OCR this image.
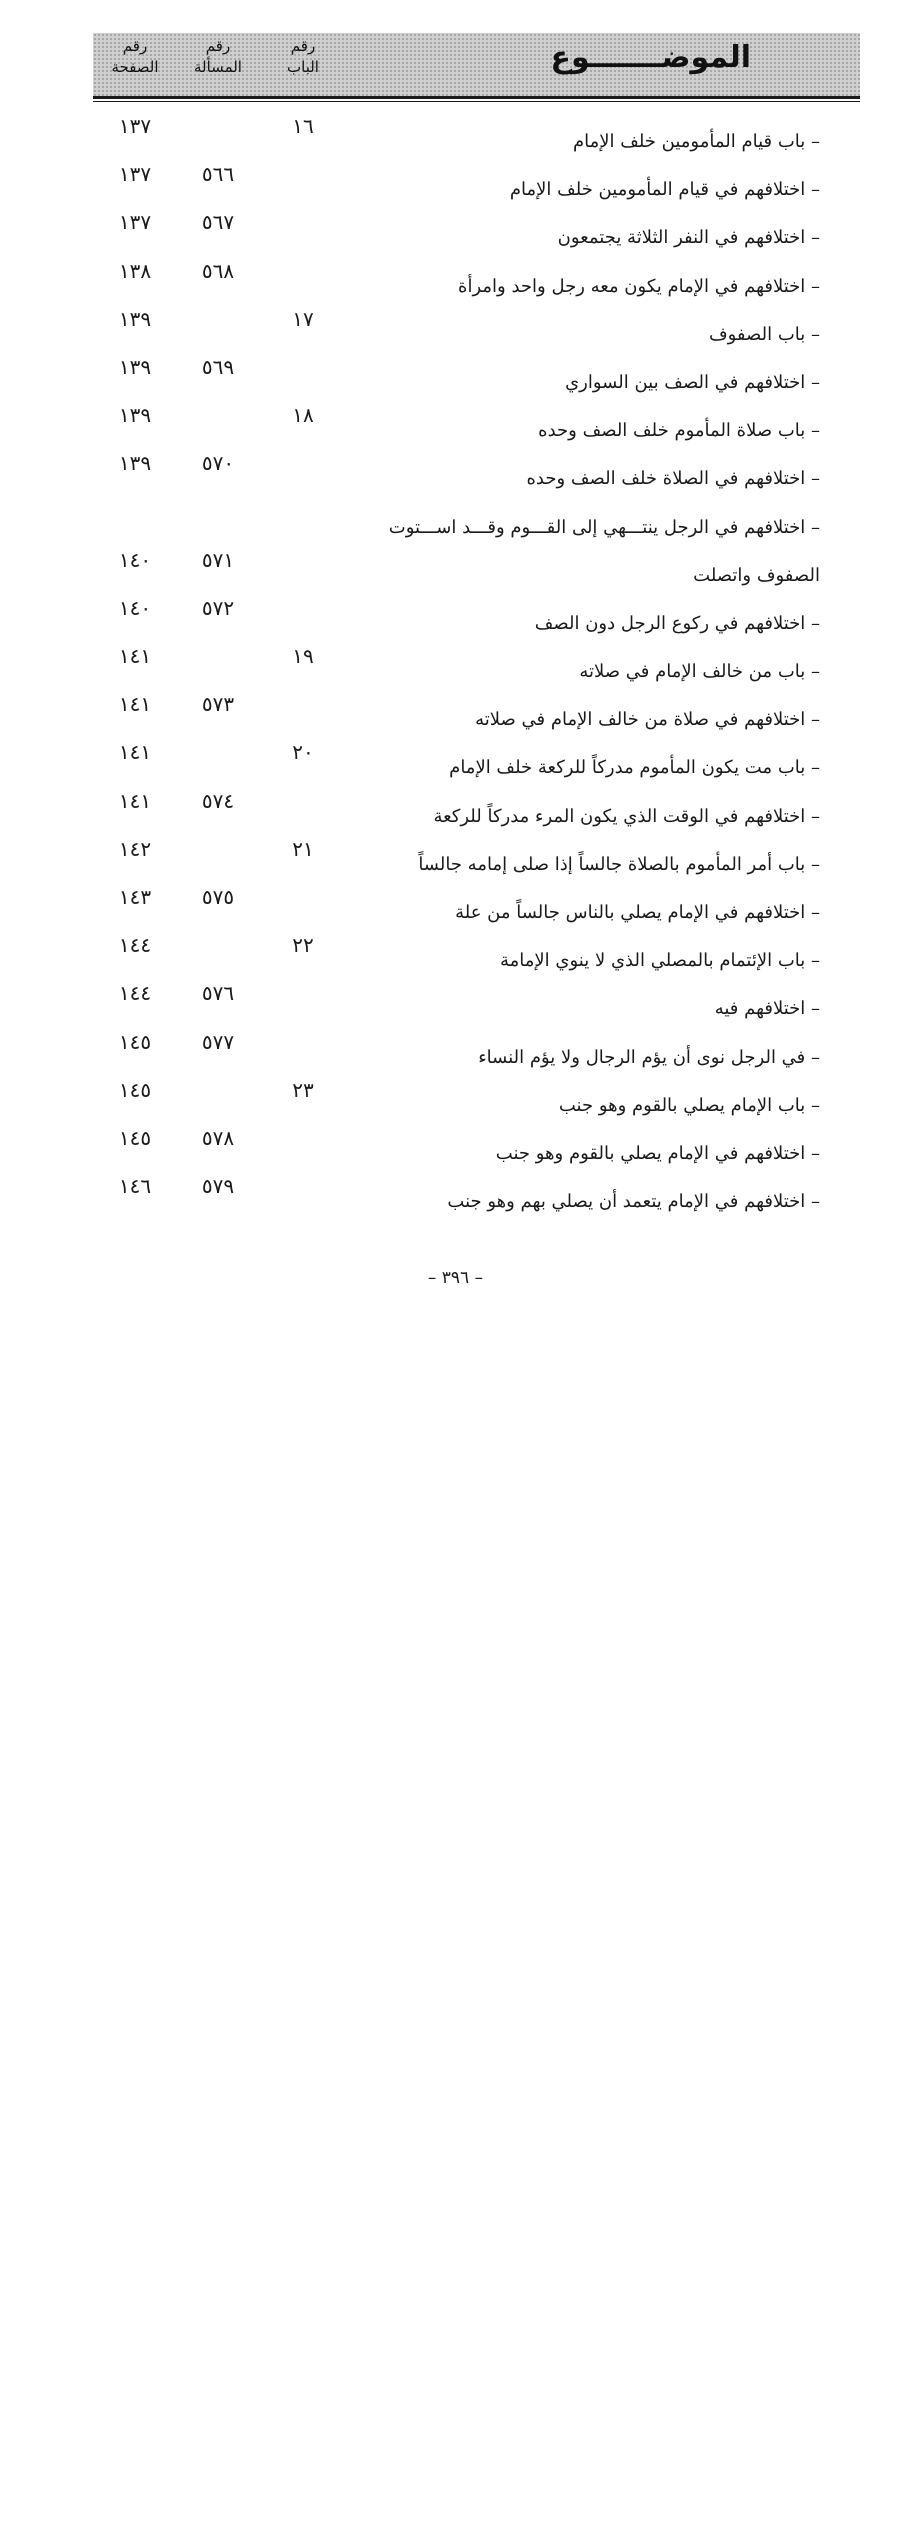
الموضـــــــوع
رقم
الباب
رقم
المسألة
رقم
الصفحة
– باب قيام المأمومين خلف الإمام
١٦
١٣٧
– اختلافهم في قيام المأمومين خلف الإمام
٥٦٦
١٣٧
– اختلافهم في النفر الثلاثة يجتمعون
٥٦٧
١٣٧
– اختلافهم في الإمام يكون معه رجل واحد وامرأة
٥٦٨
١٣٨
– باب الصفوف
١٧
١٣٩
– اختلافهم في الصف بين السواري
٥٦٩
١٣٩
– باب صلاة المأموم خلف الصف وحده
١٨
١٣٩
– اختلافهم في الصلاة خلف الصف وحده
٥٧٠
١٣٩
– اختلافهم في الرجل ينتـــهي إلى القـــوم وقـــد اســـتوت الصفوف واتصلت
٥٧١
١٤٠
– اختلافهم في ركوع الرجل دون الصف
٥٧٢
١٤٠
– باب من خالف الإمام في صلاته
١٩
١٤١
– اختلافهم في صلاة من خالف الإمام في صلاته
٥٧٣
١٤١
– باب مت يكون المأموم مدركاً للركعة خلف الإمام
٢٠
١٤١
– اختلافهم في الوقت الذي يكون المرء مدركاً للركعة
٥٧٤
١٤١
– باب أمر المأموم بالصلاة جالساً إذا صلى إمامه جالساً
٢١
١٤٢
– اختلافهم في الإمام يصلي بالناس جالساً من علة
٥٧٥
١٤٣
– باب الإئتمام بالمصلي الذي لا ينوي الإمامة
٢٢
١٤٤
– اختلافهم فيه
٥٧٦
١٤٤
– في الرجل نوى أن يؤم الرجال ولا يؤم النساء
٥٧٧
١٤٥
– باب الإمام يصلي بالقوم وهو جنب
٢٣
١٤٥
– اختلافهم في الإمام يصلي بالقوم وهو جنب
٥٧٨
١٤٥
– اختلافهم في الإمام يتعمد أن يصلي بهم وهو جنب
٥٧٩
١٤٦
– ٣٩٦ –
